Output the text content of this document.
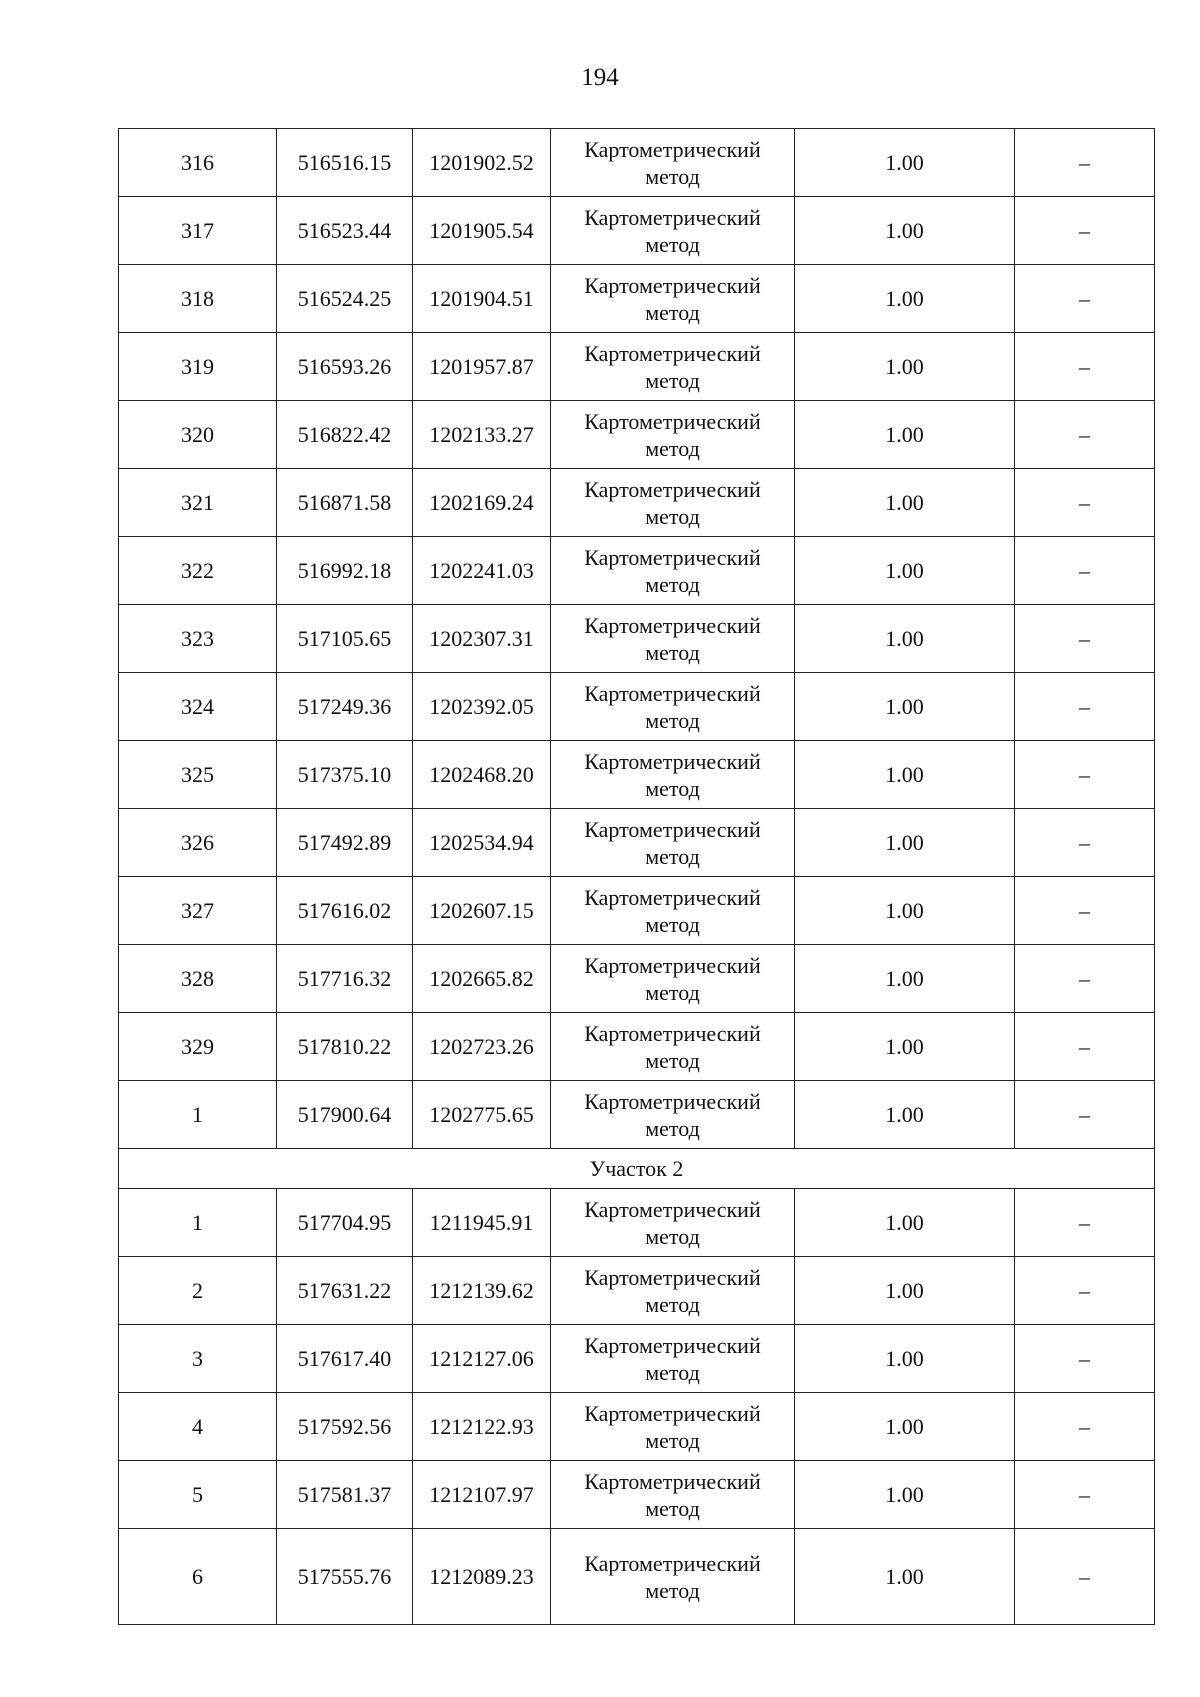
194
316	516516.15	1201902.52	Картометрический
метод	1.00	–
317	516523.44	1201905.54	Картометрический
метод	1.00	–
318	516524.25	1201904.51	Картометрический
метод	1.00	–
319	516593.26	1201957.87	Картометрический
метод	1.00	–
320	516822.42	1202133.27	Картометрический
метод	1.00	–
321	516871.58	1202169.24	Картометрический
метод	1.00	–
322	516992.18	1202241.03	Картометрический
метод	1.00	–
323	517105.65	1202307.31	Картометрический
метод	1.00	–
324	517249.36	1202392.05	Картометрический
метод	1.00	–
325	517375.10	1202468.20	Картометрический
метод	1.00	–
326	517492.89	1202534.94	Картометрический
метод	1.00	–
327	517616.02	1202607.15	Картометрический
метод	1.00	–
328	517716.32	1202665.82	Картометрический
метод	1.00	–
329	517810.22	1202723.26	Картометрический
метод	1.00	–
1	517900.64	1202775.65	Картометрический
метод	1.00	–
Участок 2					
1	517704.95	1211945.91	Картометрический
метод	1.00	–
2	517631.22	1212139.62	Картометрический
метод	1.00	–
3	517617.40	1212127.06	Картометрический
метод	1.00	–
4	517592.56	1212122.93	Картометрический
метод	1.00	–
5	517581.37	1212107.97	Картометрический
метод	1.00	–
6	517555.76	1212089.23	Картометрический
метод	1.00	–
